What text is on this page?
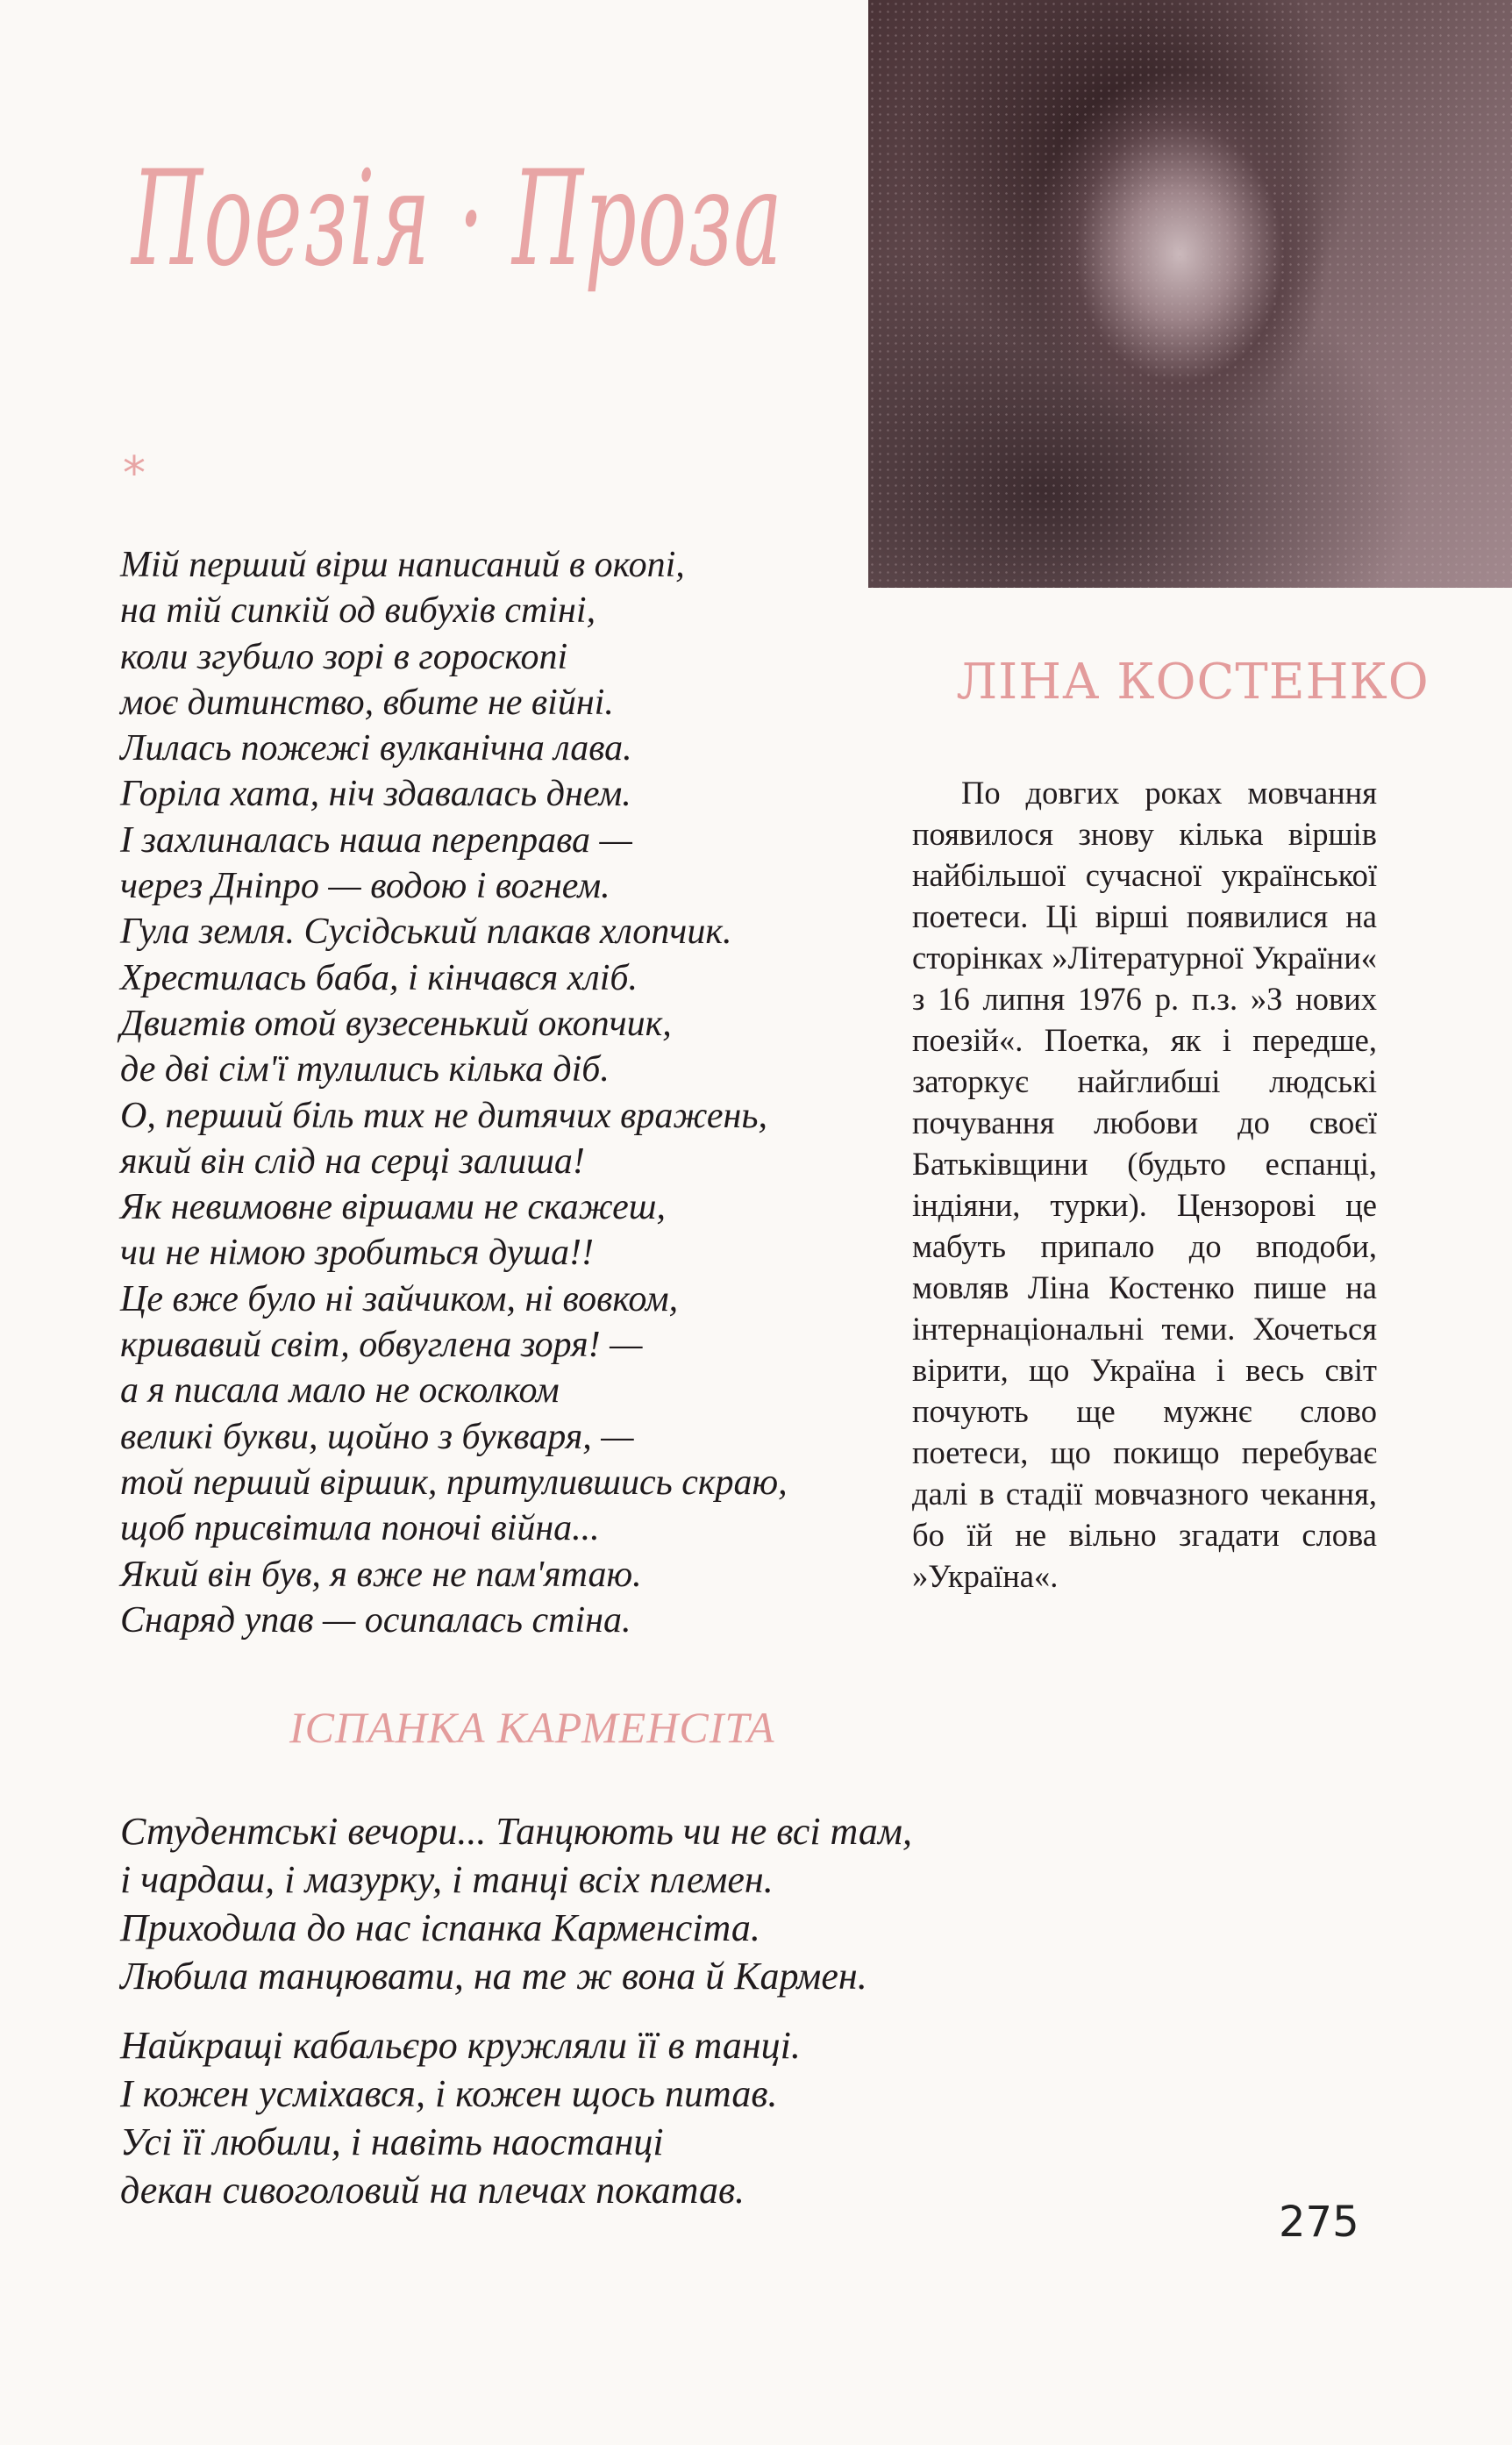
Поезія · Проза
*
ЛІНА КОСТЕНКО
По довгих роках мовчання появилося знову кілька віршів найбільшої сучасної української поетеси. Ці вірші появилися на сторінках »Літературної України« з 16 липня 1976 р. п.з. »З нових поезій«. Поетка, як і передше, заторкує найглибші людські почування любови до своєї Батьківщини (будьто еспанці, індіяни, турки). Цензорові це мабуть припало до вподоби, мовляв Ліна Костенко пише на інтернаціональні теми. Хочеться вірити, що Україна і весь світ почують ще мужнє слово поетеси, що покищо перебуває далі в стадії мовчазного чекання, бо їй не вільно згадати слова »Україна«.
Мій перший вірш написаний в окопі,
на тій сипкій од вибухів стіні,
коли згубило зорі в гороскопі
моє дитинство, вбите не війні.
Лилась пожежі вулканічна лава.
Горіла хата, ніч здавалась днем.
І захлиналась наша переправа —
через Дніпро — водою і вогнем.
Гула земля. Сусідський плакав хлопчик.
Хрестилась баба, і кінчався хліб.
Двигтів отой вузесенький окопчик,
де дві сім'ї тулились кілька діб.
О, перший біль тих не дитячих вражень,
який він слід на серці залиша!
Як невимовне віршами не скажеш,
чи не німою зробиться душа!!
Це вже було ні зайчиком, ні вовком,
кривавий світ, обвуглена зоря! —
а я писала мало не осколком
великі букви, щойно з букваря, —
той перший віршик, притулившись скраю,
щоб присвітила поночі війна...
Який він був, я вже не пам'ятаю.
Снаряд упав — осипалась стіна.
ІСПАНКА КАРМЕНСІТА
Студентські вечори... Танцюють чи не всі там,
і чардаш, і мазурку, і танці всіх племен.
Приходила до нас іспанка Карменсіта.
Любила танцювати, на те ж вона й Кармен.
Найкращі кабальєро кружляли її в танці.
І кожен усміхався, і кожен щось питав.
Усі її любили, і навіть наостанці
декан сивоголовий на плечах покатав.
275
